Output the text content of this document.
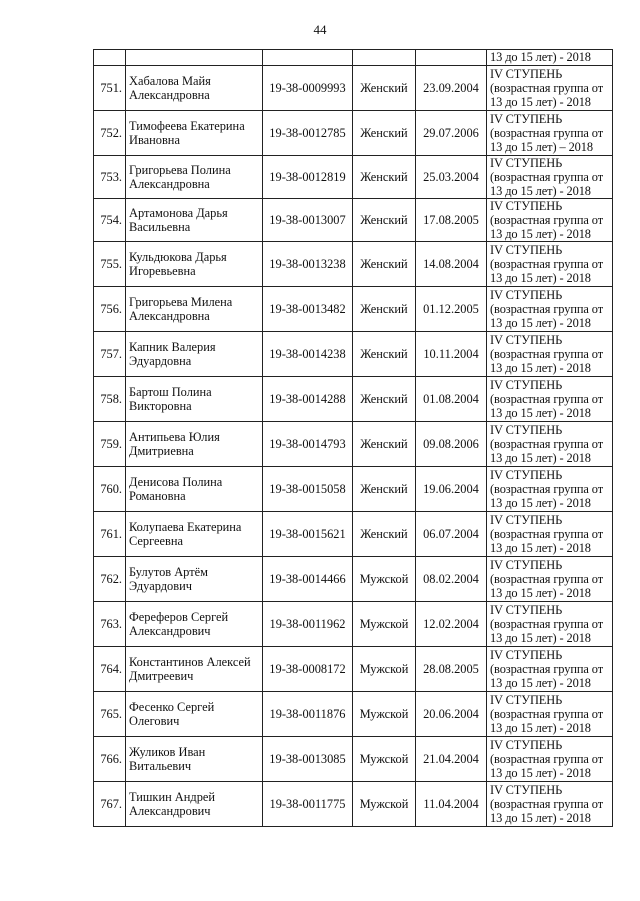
44
					13 до 15 лет) - 2018
751.	Хабалова Майя Александровна	19-38-0009993	Женский	23.09.2004	IV СТУПЕНЬ
(возрастная группа от
13 до 15 лет) - 2018
752.	Тимофеева Екатерина Ивановна	19-38-0012785	Женский	29.07.2006	IV СТУПЕНЬ
(возрастная группа от
13 до 15 лет) – 2018
753.	Григорьева Полина Александровна	19-38-0012819	Женский	25.03.2004	IV СТУПЕНЬ
(возрастная группа от
13 до 15 лет) - 2018
754.	Артамонова Дарья Васильевна	19-38-0013007	Женский	17.08.2005	IV СТУПЕНЬ
(возрастная группа от
13 до 15 лет) - 2018
755.	Кульдюкова Дарья Игоревьевна	19-38-0013238	Женский	14.08.2004	IV СТУПЕНЬ
(возрастная группа от
13 до 15 лет) - 2018
756.	Григорьева Милена Александровна	19-38-0013482	Женский	01.12.2005	IV СТУПЕНЬ
(возрастная группа от
13 до 15 лет) - 2018
757.	Капник Валерия Эдуардовна	19-38-0014238	Женский	10.11.2004	IV СТУПЕНЬ
(возрастная группа от
13 до 15 лет) - 2018
758.	Бартош Полина Викторовна	19-38-0014288	Женский	01.08.2004	IV СТУПЕНЬ
(возрастная группа от
13 до 15 лет) - 2018
759.	Антипьева Юлия Дмитриевна	19-38-0014793	Женский	09.08.2006	IV СТУПЕНЬ
(возрастная группа от
13 до 15 лет) - 2018
760.	Денисова Полина Романовна	19-38-0015058	Женский	19.06.2004	IV СТУПЕНЬ
(возрастная группа от
13 до 15 лет) - 2018
761.	Колупаева Екатерина Сергеевна	19-38-0015621	Женский	06.07.2004	IV СТУПЕНЬ
(возрастная группа от
13 до 15 лет) - 2018
762.	Булутов Артём Эдуардович	19-38-0014466	Мужской	08.02.2004	IV СТУПЕНЬ
(возрастная группа от
13 до 15 лет) - 2018
763.	Фереферов Сергей Александрович	19-38-0011962	Мужской	12.02.2004	IV СТУПЕНЬ
(возрастная группа от
13 до 15 лет) - 2018
764.	Константинов Алексей Дмитреевич	19-38-0008172	Мужской	28.08.2005	IV СТУПЕНЬ
(возрастная группа от
13 до 15 лет) - 2018
765.	Фесенко Сергей Олегович	19-38-0011876	Мужской	20.06.2004	IV СТУПЕНЬ
(возрастная группа от
13 до 15 лет) - 2018
766.	Жуликов Иван Витальевич	19-38-0013085	Мужской	21.04.2004	IV СТУПЕНЬ
(возрастная группа от
13 до 15 лет) - 2018
767.	Тишкин Андрей Александрович	19-38-0011775	Мужской	11.04.2004	IV СТУПЕНЬ
(возрастная группа от
13 до 15 лет) - 2018
